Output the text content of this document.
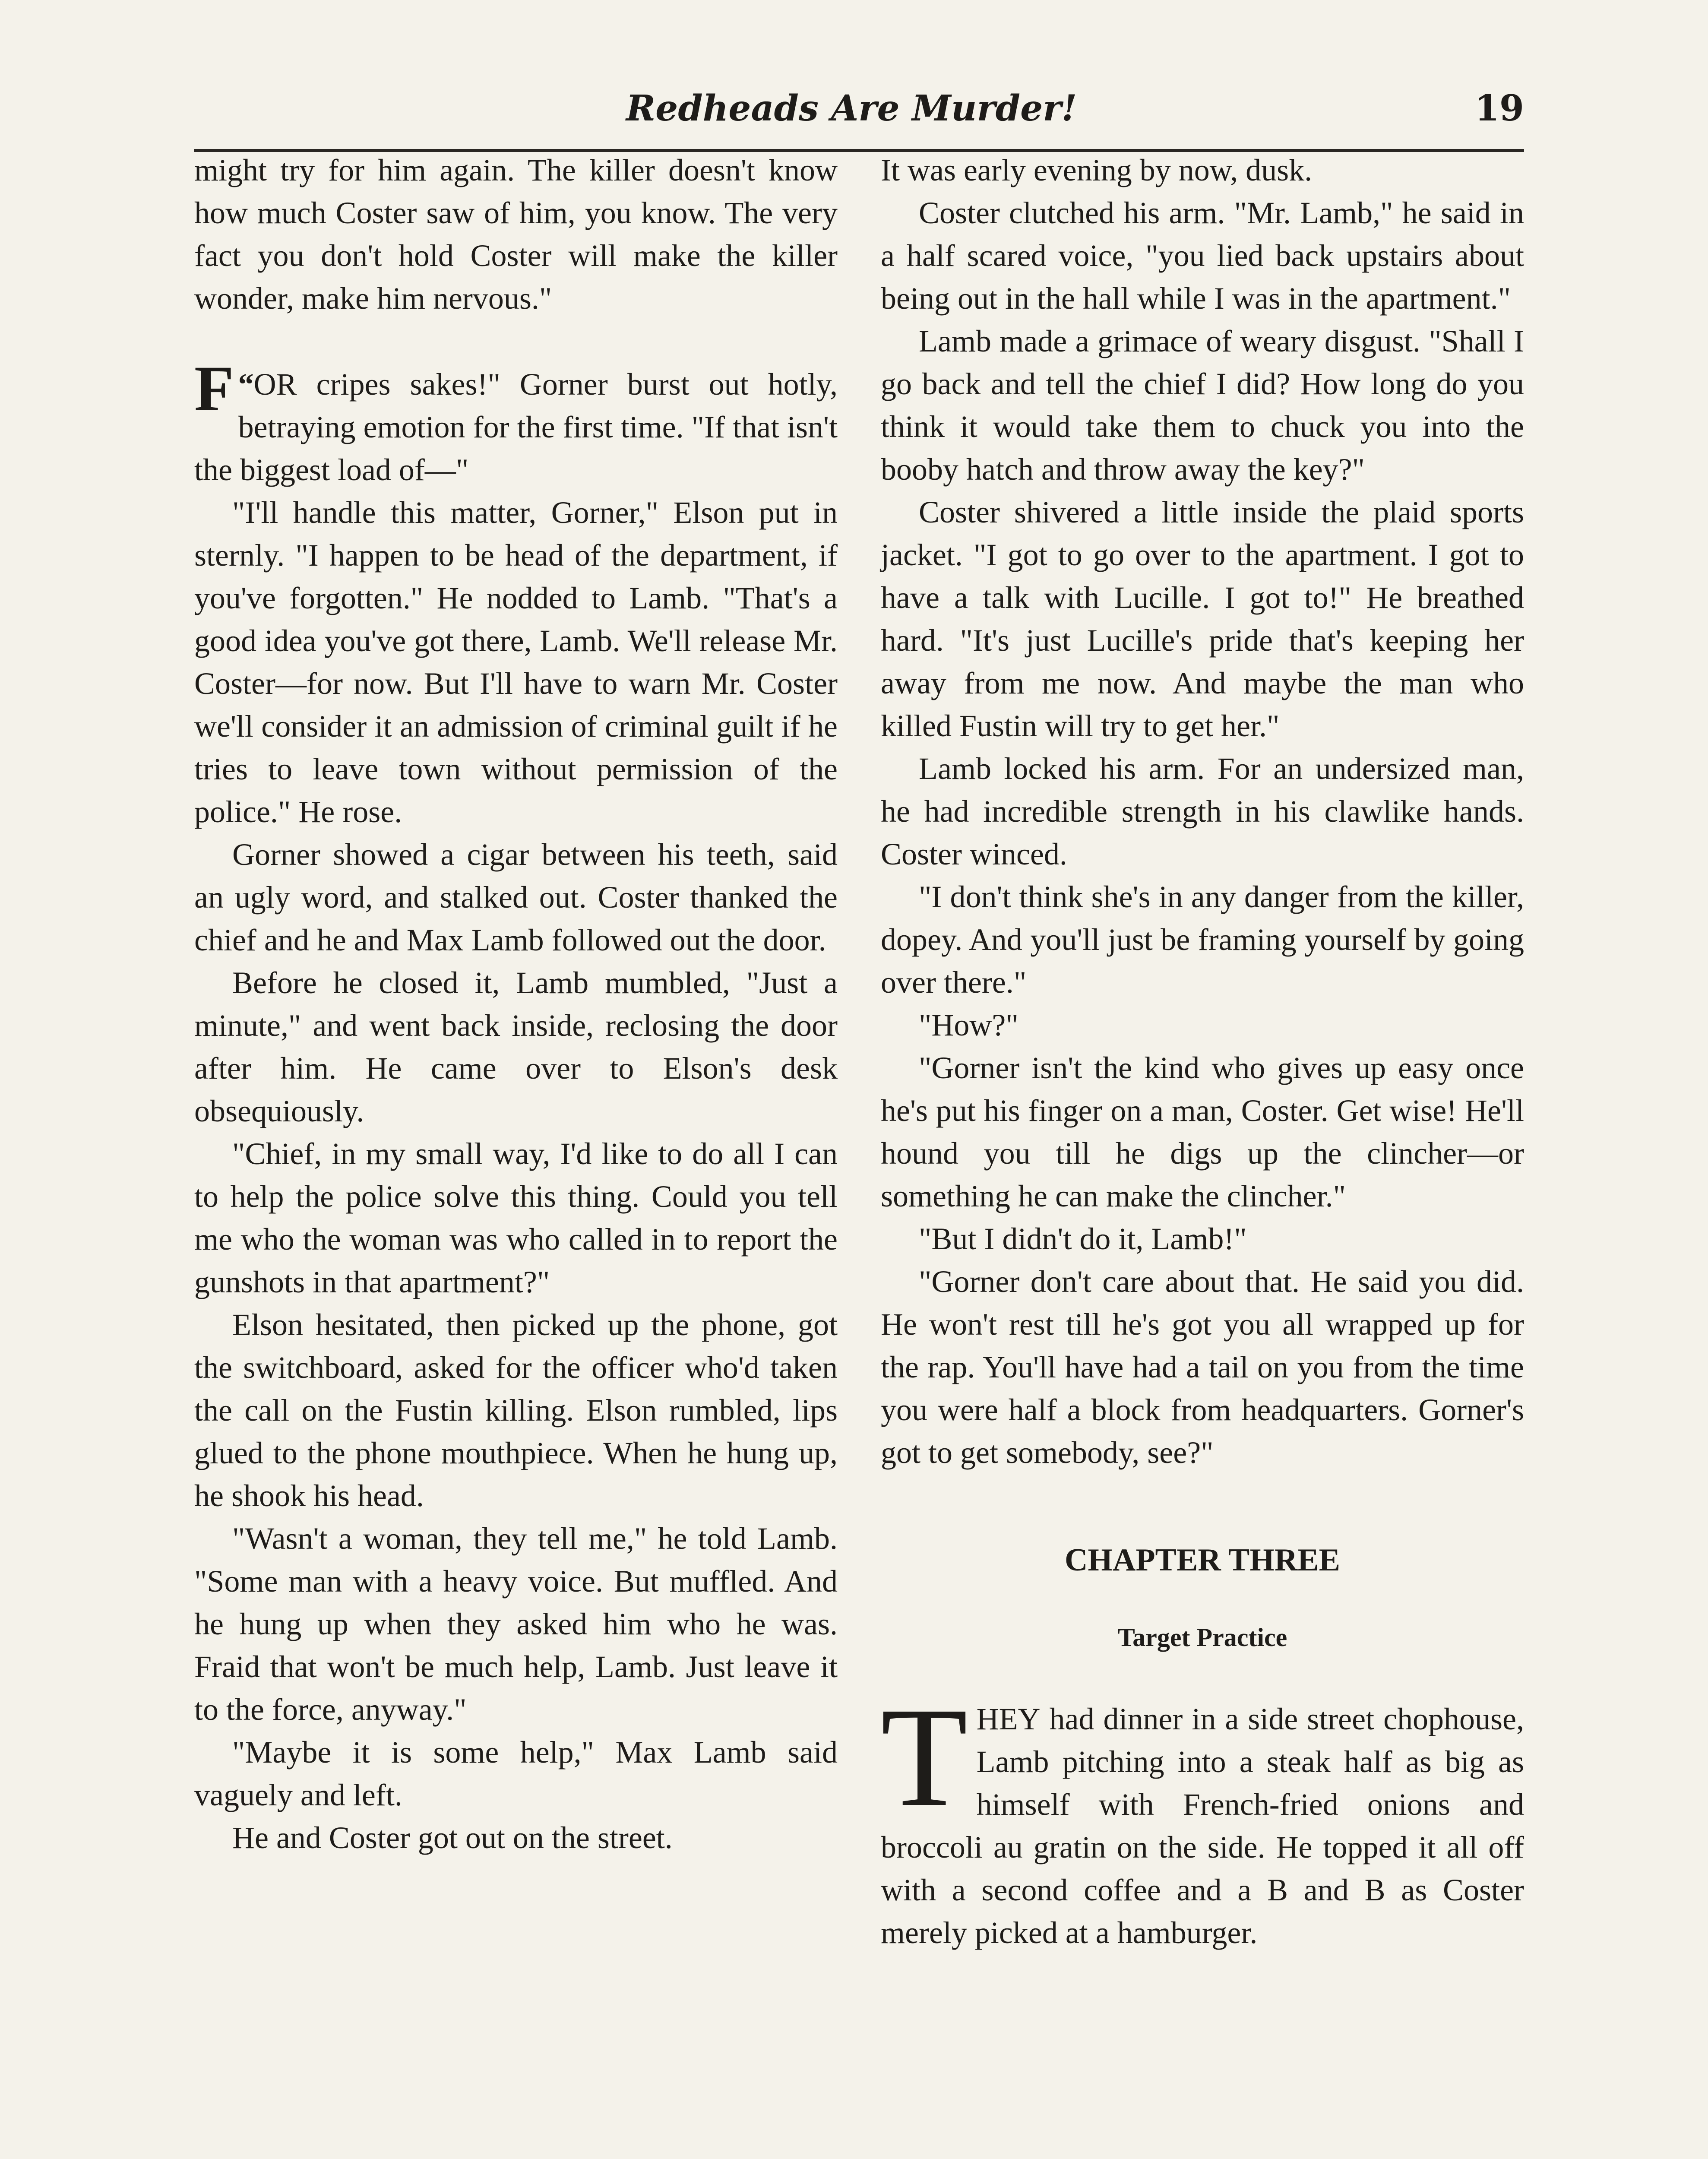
Redheads Are Murder!	19

might try for him again. The killer doesn't know how much Coster saw of him, you know. The very fact you don't hold Coster will make the killer wonder, make him nervous."

“
F OR cripes sakes!" Gorner burst out hotly, betraying emotion for the first time. "If that isn't the biggest load of—"

"I'll handle this matter, Gorner," Elson put in sternly. "I happen to be head of the department, if you've forgotten." He nodded to Lamb. "That's a good idea you've got there, Lamb. We'll release Mr. Coster—for now. But I'll have to warn Mr. Coster we'll consider it an admission of criminal guilt if he tries to leave town without permission of the police." He rose.

Gorner showed a cigar between his teeth, said an ugly word, and stalked out. Coster thanked the chief and he and Max Lamb followed out the door.

Before he closed it, Lamb mumbled, "Just a minute," and went back inside, reclosing the door after him. He came over to Elson's desk obsequiously.

"Chief, in my small way, I'd like to do all I can to help the police solve this thing. Could you tell me who the woman was who called in to report the gunshots in that apartment?"

Elson hesitated, then picked up the phone, got the switchboard, asked for the officer who'd taken the call on the Fustin killing. Elson rumbled, lips glued to the phone mouthpiece. When he hung up, he shook his head.

"Wasn't a woman, they tell me," he told Lamb. "Some man with a heavy voice. But muffled. And he hung up when they asked him who he was. Fraid that won't be much help, Lamb. Just leave it to the force, anyway."

"Maybe it is some help," Max Lamb said vaguely and left.

He and Coster got out on the street.

It was early evening by now, dusk.

Coster clutched his arm. "Mr. Lamb," he said in a half scared voice, "you lied back upstairs about being out in the hall while I was in the apartment."

Lamb made a grimace of weary disgust. "Shall I go back and tell the chief I did? How long do you think it would take them to chuck you into the booby hatch and throw away the key?"

Coster shivered a little inside the plaid sports jacket. "I got to go over to the apartment. I got to have a talk with Lucille. I got to!" He breathed hard. "It's just Lucille's pride that's keeping her away from me now. And maybe the man who killed Fustin will try to get her."

Lamb locked his arm. For an undersized man, he had incredible strength in his clawlike hands. Coster winced.

"I don't think she's in any danger from the killer, dopey. And you'll just be framing yourself by going over there."

"How?"

"Gorner isn't the kind who gives up easy once he's put his finger on a man, Coster. Get wise! He'll hound you till he digs up the clincher—or something he can make the clincher."

"But I didn't do it, Lamb!"

"Gorner don't care about that. He said you did. He won't rest till he's got you all wrapped up for the rap. You'll have had a tail on you from the time you were half a block from headquarters. Gorner's got to get somebody, see?"

CHAPTER THREE
Target Practice

THEY had dinner in a side street chophouse, Lamb pitching into a steak half as big as himself with French-fried onions and broccoli au gratin on the side. He topped it all off with a second coffee and a B and B as Coster merely picked at a hamburger.
